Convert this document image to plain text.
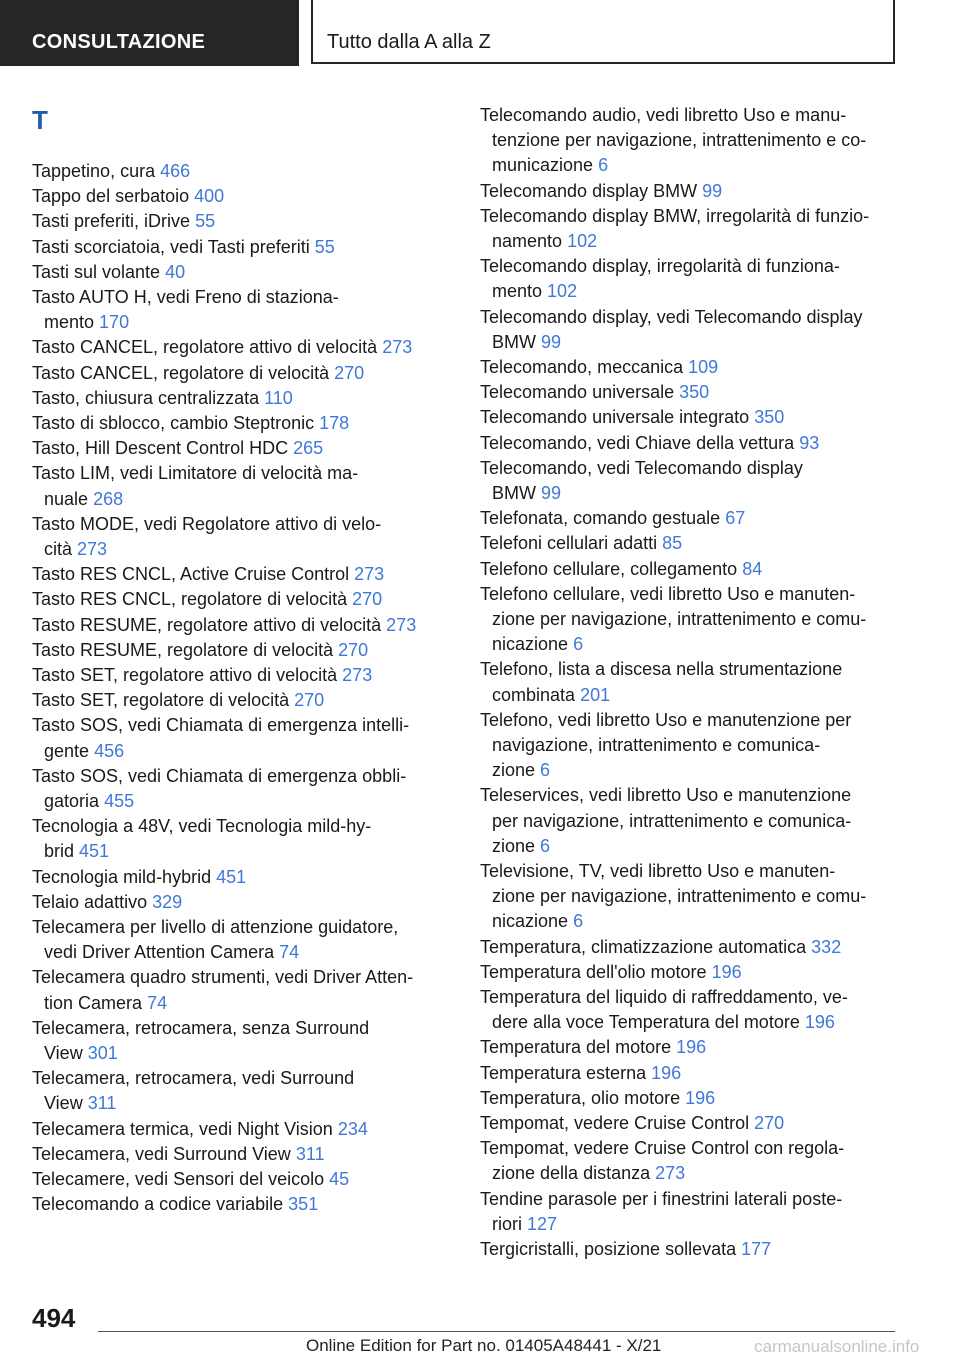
CONSULTAZIONE	Tutto dalla A alla Z
T
Tappetino, cura 466
Tappo del serbatoio 400
Tasti preferiti, iDrive 55
Tasti scorciatoia, vedi Tasti preferiti 55
Tasti sul volante 40
Tasto AUTO H, vedi Freno di staziona-
mento 170
Tasto CANCEL, regolatore attivo di velocità 273
Tasto CANCEL, regolatore di velocità 270
Tasto, chiusura centralizzata 110
Tasto di sblocco, cambio Steptronic 178
Tasto, Hill Descent Control HDC 265
Tasto LIM, vedi Limitatore di velocità ma-
nuale 268
Tasto MODE, vedi Regolatore attivo di velo-
cità 273
Tasto RES CNCL, Active Cruise Control 273
Tasto RES CNCL, regolatore di velocità 270
Tasto RESUME, regolatore attivo di velocità 273
Tasto RESUME, regolatore di velocità 270
Tasto SET, regolatore attivo di velocità 273
Tasto SET, regolatore di velocità 270
Tasto SOS, vedi Chiamata di emergenza intelli-
gente 456
Tasto SOS, vedi Chiamata di emergenza obbli-
gatoria 455
Tecnologia a 48V, vedi Tecnologia mild-hy-
brid 451
Tecnologia mild-hybrid 451
Telaio adattivo 329
Telecamera per livello di attenzione guidatore,
vedi Driver Attention Camera 74
Telecamera quadro strumenti, vedi Driver Atten-
tion Camera 74
Telecamera, retrocamera, senza Surround
View 301
Telecamera, retrocamera, vedi Surround
View 311
Telecamera termica, vedi Night Vision 234
Telecamera, vedi Surround View 311
Telecamere, vedi Sensori del veicolo 45
Telecomando a codice variabile 351
Telecomando audio, vedi libretto Uso e manu-
tenzione per navigazione, intrattenimento e co-
municazione 6
Telecomando display BMW 99
Telecomando display BMW, irregolarità di funzio-
namento 102
Telecomando display, irregolarità di funziona-
mento 102
Telecomando display, vedi Telecomando display
BMW 99
Telecomando, meccanica 109
Telecomando universale 350
Telecomando universale integrato 350
Telecomando, vedi Chiave della vettura 93
Telecomando, vedi Telecomando display
BMW 99
Telefonata, comando gestuale 67
Telefoni cellulari adatti 85
Telefono cellulare, collegamento 84
Telefono cellulare, vedi libretto Uso e manuten-
zione per navigazione, intrattenimento e comu-
nicazione 6
Telefono, lista a discesa nella strumentazione
combinata 201
Telefono, vedi libretto Uso e manutenzione per
navigazione, intrattenimento e comunica-
zione 6
Teleservices, vedi libretto Uso e manutenzione
per navigazione, intrattenimento e comunica-
zione 6
Televisione, TV, vedi libretto Uso e manuten-
zione per navigazione, intrattenimento e comu-
nicazione 6
Temperatura, climatizzazione automatica 332
Temperatura dell'olio motore 196
Temperatura del liquido di raffreddamento, ve-
dere alla voce Temperatura del motore 196
Temperatura del motore 196
Temperatura esterna 196
Temperatura, olio motore 196
Tempomat, vedere Cruise Control 270
Tempomat, vedere Cruise Control con regola-
zione della distanza 273
Tendine parasole per i finestrini laterali poste-
riori 127
Tergicristalli, posizione sollevata 177
494
Online Edition for Part no. 01405A48441 - X/21	carmanualsonline.info
